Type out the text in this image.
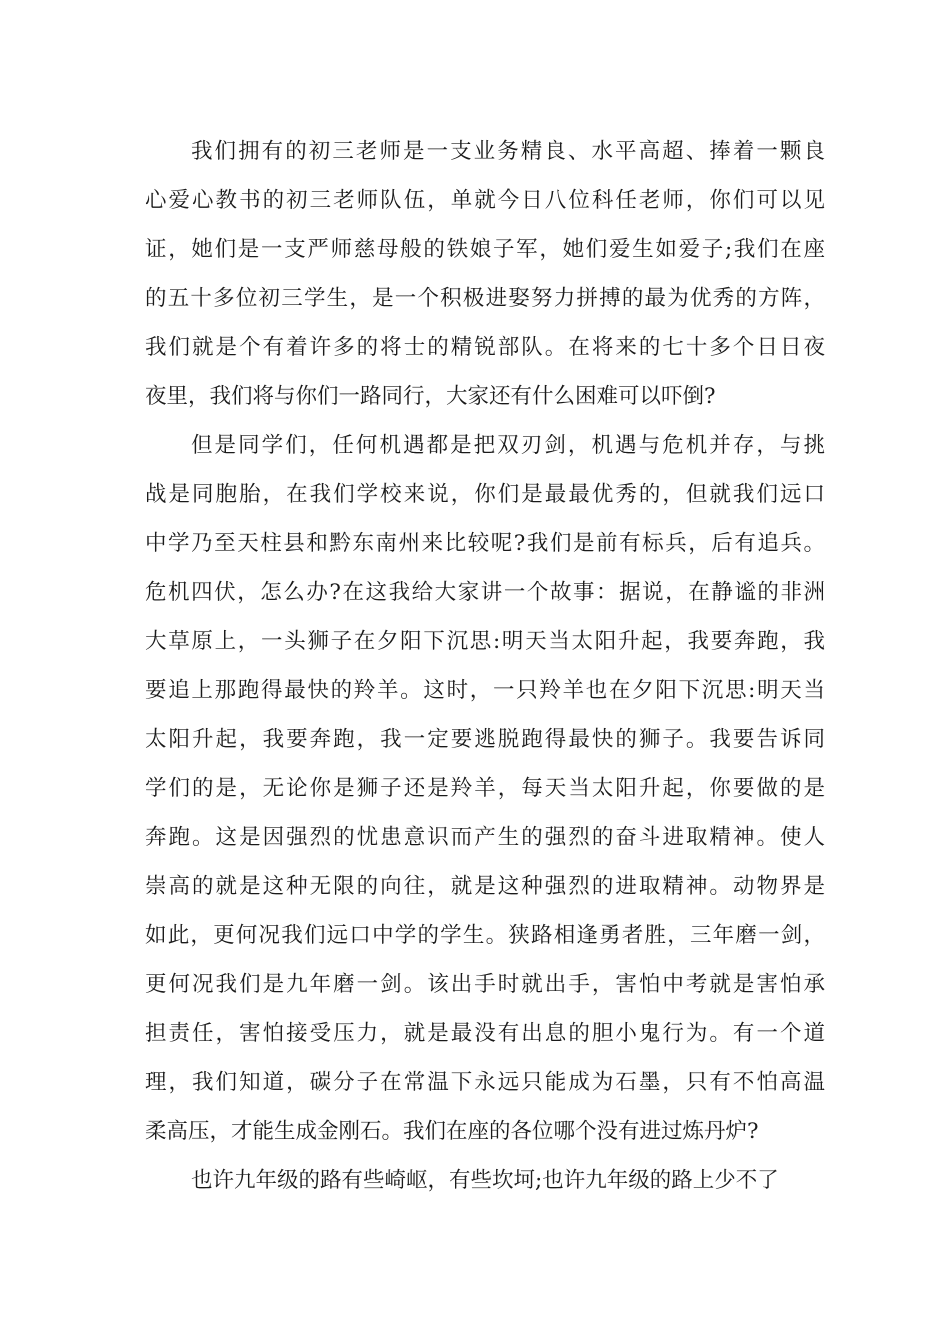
我们拥有的初三老师是一支业务精良、水平高超、捧着一颗良
心爱心教书的初三老师队伍，单就今日八位科任老师，你们可以见
证，她们是一支严师慈母般的铁娘子军，她们爱生如爱子;我们在座
的五十多位初三学生，是一个积极进娶努力拼搏的最为优秀的方阵，
我们就是个有着许多的将士的精锐部队。在将来的七十多个日日夜
夜里，我们将与你们一路同行，大家还有什么困难可以吓倒?
但是同学们，任何机遇都是把双刃剑，机遇与危机并存，与挑
战是同胞胎，在我们学校来说，你们是最最优秀的，但就我们远口
中学乃至天柱县和黔东南州来比较呢?我们是前有标兵，后有追兵。
危机四伏，怎么办?在这我给大家讲一个故事：据说，在静谧的非洲
大草原上，一头狮子在夕阳下沉思:明天当太阳升起，我要奔跑，我
要追上那跑得最快的羚羊。这时，一只羚羊也在夕阳下沉思:明天当
太阳升起，我要奔跑，我一定要逃脱跑得最快的狮子。我要告诉同
学们的是，无论你是狮子还是羚羊，每天当太阳升起，你要做的是
奔跑。这是因强烈的忧患意识而产生的强烈的奋斗进取精神。使人
崇高的就是这种无限的向往，就是这种强烈的进取精神。动物界是
如此，更何况我们远口中学的学生。狭路相逢勇者胜，三年磨一剑，
更何况我们是九年磨一剑。该出手时就出手，害怕中考就是害怕承
担责任，害怕接受压力，就是最没有出息的胆小鬼行为。有一个道
理，我们知道，碳分子在常温下永远只能成为石墨，只有不怕高温
柔高压，才能生成金刚石。我们在座的各位哪个没有进过炼丹炉?
也许九年级的路有些崎岖，有些坎坷;也许九年级的路上少不了
